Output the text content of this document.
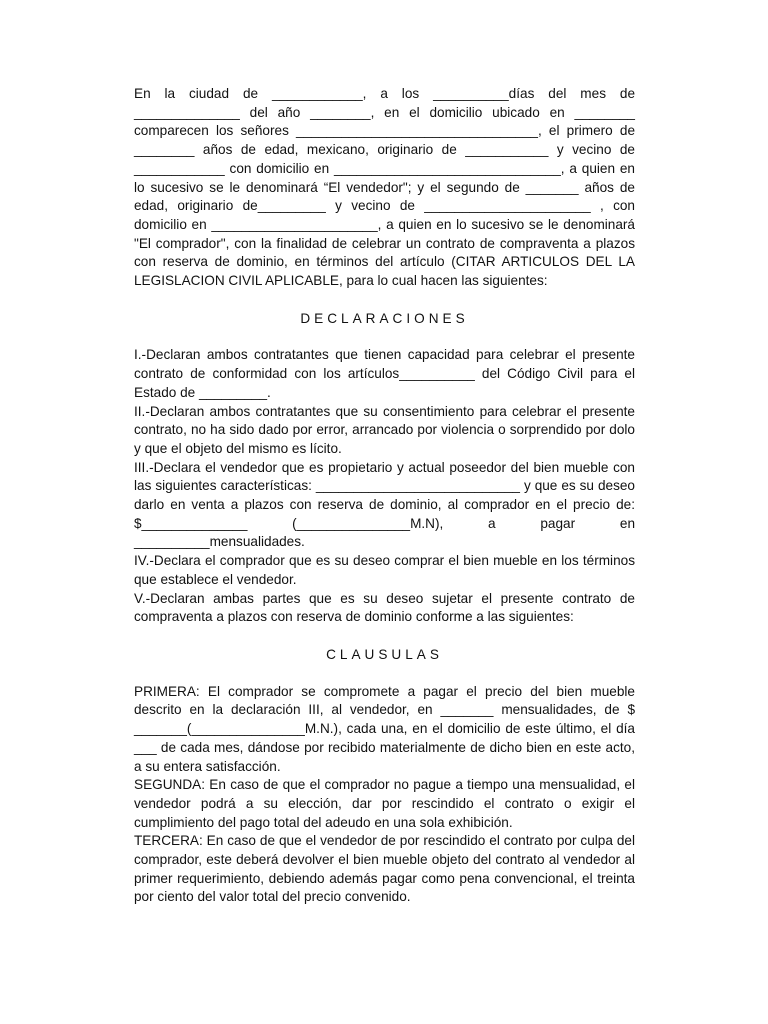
En la ciudad de ____________, a los __________días del mes de ______________ del año ________, en el domicilio ubicado en ________ comparecen los señores ________________________________, el primero de ________ años de edad, mexicano, originario de ___________ y vecino de ____________ con domicilio en ______________________________, a quien en lo sucesivo se le denominará “El vendedor"; y el segundo de _______ años de edad, originario de_________ y vecino de ______________________ , con domicilio en ______________________, a quien en lo sucesivo se le denominará "El comprador", con la finalidad de celebrar un contrato de compraventa a plazos con reserva de dominio, en términos del artículo (CITAR ARTICULOS DEL LA LEGISLACION CIVIL APLICABLE, para lo cual hacen las siguientes:

DECLARACIONES

I.-Declaran ambos contratantes que tienen capacidad para celebrar el presente contrato de conformidad con los artículos__________ del Código Civil para el Estado de _________.

II.-Declaran ambos contratantes que su consentimiento para celebrar el presente contrato, no ha sido dado por error, arrancado por violencia o sorprendido por dolo y que el objeto del mismo es lícito.

III.-Declara el vendedor que es propietario y actual poseedor del bien mueble con las siguientes características: ___________________________ y que es su deseo darlo en venta a plazos con reserva de dominio, al comprador en el precio de: $______________ (_______________M.N), a pagar en __________mensualidades.

IV.-Declara el comprador que es su deseo comprar el bien mueble en los términos que establece el vendedor.

V.-Declaran ambas partes que es su deseo sujetar el presente contrato de compraventa a plazos con reserva de dominio conforme a las siguientes:

CLAUSULAS

PRIMERA: El comprador se compromete a pagar el precio del bien mueble descrito en la declaración III, al vendedor, en _______ mensualidades, de $ _______(_______________M.N.), cada una, en el domicilio de este último, el día ___ de cada mes, dándose por recibido materialmente de dicho bien en este acto, a su entera satisfacción.

SEGUNDA: En caso de que el comprador no pague a tiempo una mensualidad, el vendedor podrá a su elección, dar por rescindido el contrato o exigir el cumplimiento del pago total del adeudo en una sola exhibición.

TERCERA: En caso de que el vendedor de por rescindido el contrato por culpa del comprador, este deberá devolver el bien mueble objeto del contrato al vendedor al primer requerimiento, debiendo además pagar como pena convencional, el treinta por ciento del valor total del precio convenido.
